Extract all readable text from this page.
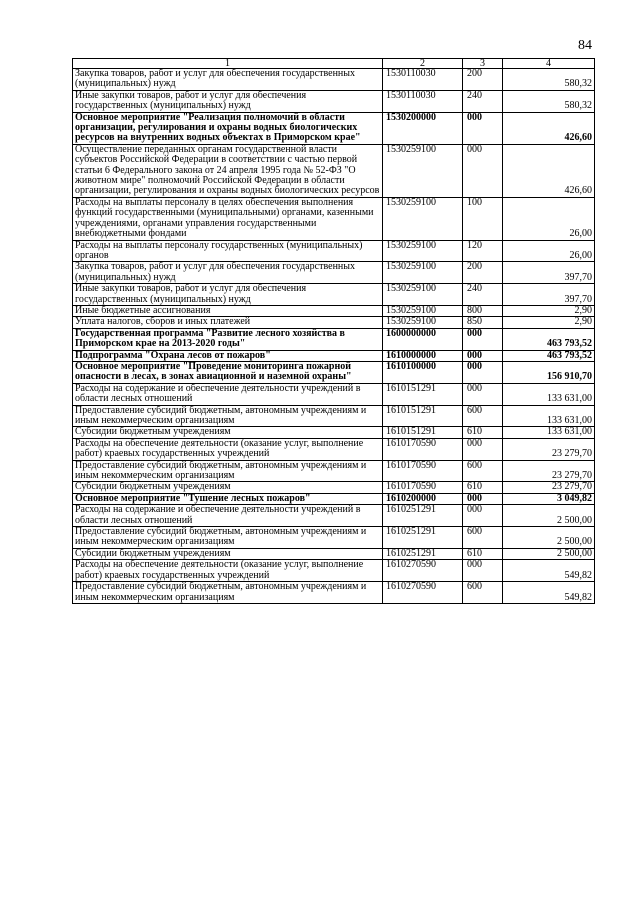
84
1	2	3	4
Закупка товаров, работ и услуг для обеспечения государственных (муниципальных) нужд	1530110030	200	580,32
Иные закупки товаров, работ и услуг для обеспечения государственных (муниципальных) нужд	1530110030	240	580,32
Основное мероприятие "Реализация полномочий в области организации, регулирования и охраны водных биологических ресурсов на внутренних водных объектах в Приморском крае"	1530200000	000	426,60
Осуществление переданных органам государственной власти субъектов Российской Федерации в соответствии с частью первой статьи 6 Федерального закона от 24 апреля 1995 года № 52-ФЗ "О животном мире" полномочий Российской Федерации в области организации, регулирования и охраны водных биологических ресурсов	1530259100	000	426,60
Расходы на выплаты персоналу в целях обеспечения выполнения функций государственными (муниципальными) органами, казенными учреждениями, органами управления государственными внебюджетными фондами	1530259100	100	26,00
Расходы на выплаты персоналу государственных (муниципальных) органов	1530259100	120	26,00
Закупка товаров, работ и услуг для обеспечения государственных (муниципальных) нужд	1530259100	200	397,70
Иные закупки товаров, работ и услуг для обеспечения государственных (муниципальных) нужд	1530259100	240	397,70
Иные бюджетные ассигнования	1530259100	800	2,90
Уплата налогов, сборов и иных платежей	1530259100	850	2,90
Государственная программа "Развитие лесного хозяйства в Приморском крае на 2013-2020 годы"	1600000000	000	463 793,52
Подпрограмма "Охрана лесов от пожаров"	1610000000	000	463 793,52
Основное мероприятие "Проведение мониторинга пожарной опасности в лесах, в зонах авиационной и наземной охраны"	1610100000	000	156 910,70
Расходы на содержание и обеспечение деятельности учреждений в области лесных отношений	1610151291	000	133 631,00
Предоставление субсидий бюджетным, автономным учреждениям и иным некоммерческим организациям	1610151291	600	133 631,00
Субсидии бюджетным учреждениям	1610151291	610	133 631,00
Расходы на обеспечение деятельности (оказание услуг, выполнение работ) краевых государственных учреждений	1610170590	000	23 279,70
Предоставление субсидий бюджетным, автономным учреждениям и иным некоммерческим организациям	1610170590	600	23 279,70
Субсидии бюджетным учреждениям	1610170590	610	23 279,70
Основное мероприятие "Тушение лесных пожаров"	1610200000	000	3 049,82
Расходы на содержание и обеспечение деятельности учреждений в области лесных отношений	1610251291	000	2 500,00
Предоставление субсидий бюджетным, автономным учреждениям и иным некоммерческим организациям	1610251291	600	2 500,00
Субсидии бюджетным учреждениям	1610251291	610	2 500,00
Расходы на обеспечение деятельности (оказание услуг, выполнение работ) краевых государственных учреждений	1610270590	000	549,82
Предоставление субсидий бюджетным, автономным учреждениям и иным некоммерческим организациям	1610270590	600	549,82
